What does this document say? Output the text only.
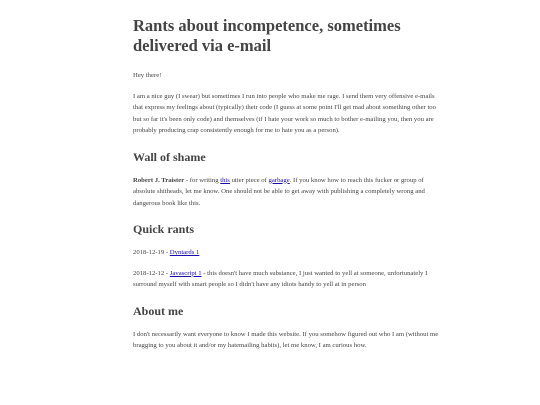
Rants about incompetence, sometimes delivered via e-mail

Hey there!

I am a nice guy (I swear) but sometimes I run into people who make me rage. I send them very offensive e-mails that express my feelings about (typically) their code (I guess at some point I'll get mad about something other too but so far it's been only code) and themselves (if I hate your work so much to bother e-mailing you, then you are probably producing crap consistently enough for me to hate you as a person).

Wall of shame

Robert J. Traister - for writing this utter piece of garbage. If you know how to reach this fucker or group of absolute shitheads, let me know. One should not be able to get away with publishing a completely wrong and dangerous book like this.

Quick rants

2018-12-19 - Dyntards 1

2018-12-12 - Javascript 1 - this doesn't have much substance, I just wanted to yell at someone, unfortunately I surround myself with smart people so I didn't have any idiots handy to yell at in person

About me

I don't necessarily want everyone to know I made this website. If you somehow figured out who I am (without me bragging to you about it and/or my hatemailing habits), let me know, I am curious how.
